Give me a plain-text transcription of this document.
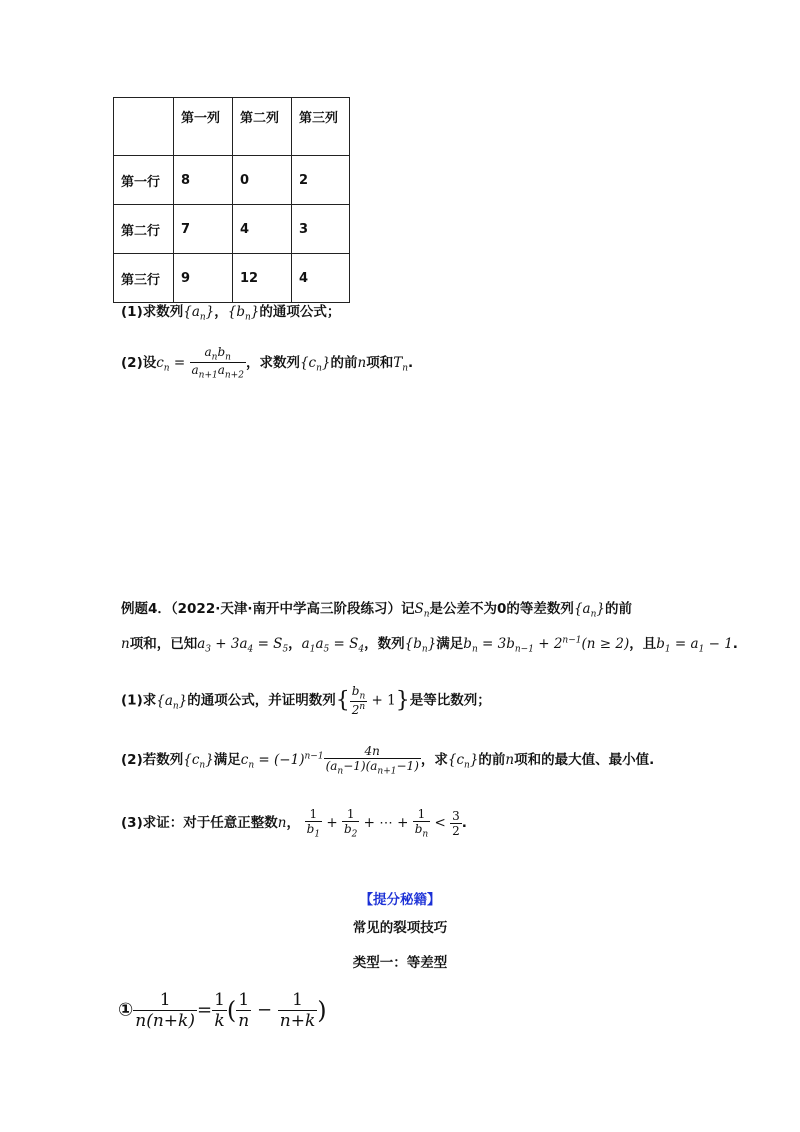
	第一列	第二列	第三列
第一行	8	0	2
第二行	7	4	3
第三行	9	12	4
(1)求数列$\{a_n\}$，$\{b_n\}$的通项公式；
(2)设$c_n = \frac{a_nb_n}{a_{n+1}a_{n+2}}$ ，求数列$\{c_n\}$的前n项和$T_n$.
例题4．（2022·天津·南开中学高三阶段练习）记$S_n$是公差不为0的等差数列$\{a_n\}$的前
n项和，已知$a_3 + 3a_4 = S_5$，$a_1a_5 = S_4$，数列$\{b_n\}$满足$b_n = 3b_{n-1} + 2^{n-1}(n \ge 2)$，且$b_1 = a_1 - 1$.
(1)求$\{a_n\}$的通项公式，并证明数列{ $\frac{b_n}{2^n} + 1$}是等比数列；
(2)若数列$\{c_n\}$满足$c_n = (-1)^{n-1} \frac{4n}{(a_n-1)(a_{n+1}-1)}$ ，求$\{c_n\}$的前n项和的最大值、最小值.
(3)求证：对于任意正整数n， $\frac{1}{b_1} + \frac{1}{b_2}$ + ⋯ + $\frac{1}{b_n} < \frac{3}{2}$ .
【提分秘籍】
常见的裂项技巧
类型一：等差型
① $\frac{1}{n(n+k)} = \frac{1}{k}$ ( $\frac{1}{n} - \frac{1}{n+k}$ )
